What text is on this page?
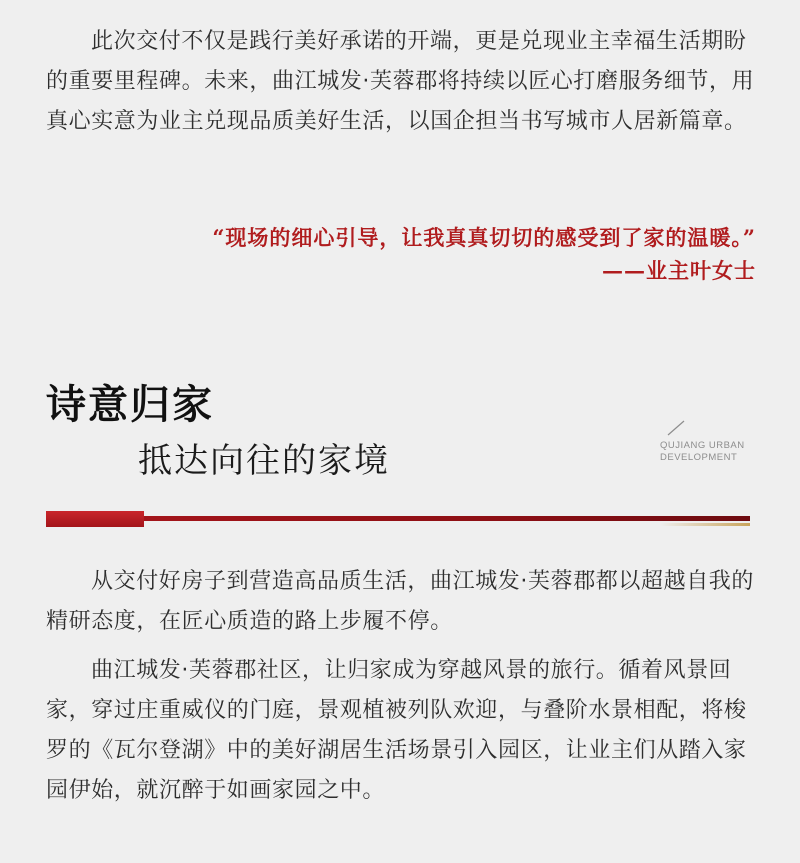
此次交付不仅是践行美好承诺的开端，更是兑现业主幸福生活期盼的重要里程碑。未来，曲江城发·芙蓉郡将持续以匠心打磨服务细节，用真心实意为业主兑现品质美好生活，以国企担当书写城市人居新篇章。

“现场的细心引导，让我真真切切的感受到了家的温暖。”
——业主叶女士
诗意归家
抵达向往的家境	QUJIANG URBAN
DEVELOPMENT

从交付好房子到营造高品质生活，曲江城发·芙蓉郡都以超越自我的精研态度，在匠心质造的路上步履不停。

曲江城发·芙蓉郡社区，让归家成为穿越风景的旅行。循着风景回家，穿过庄重威仪的门庭，景观植被列队欢迎，与叠阶水景相配，将梭罗的《瓦尔登湖》中的美好湖居生活场景引入园区，让业主们从踏入家园伊始，就沉醉于如画家园之中。
